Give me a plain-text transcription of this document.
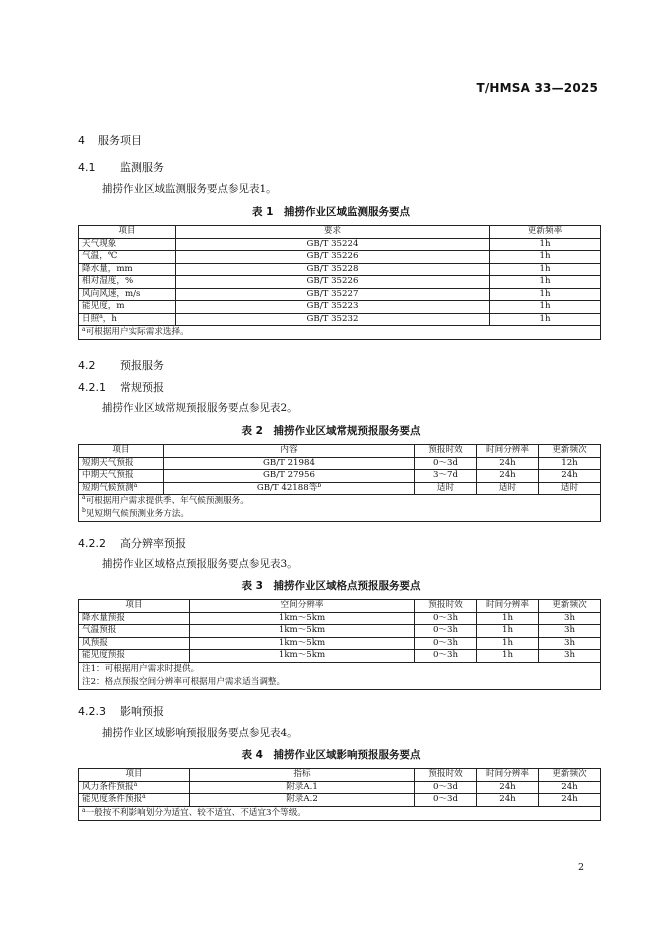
T/HMSA 33—2025
4 服务项目
4.1 监测服务
捕捞作业区域监测服务要点参见表1。
表 1　捕捞作业区域监测服务要点
项目	要求	更新频率
天气现象	GB/T 35224	1h
气温，℃	GB/T 35226	1h
降水量，mm	GB/T 35228	1h
相对湿度，%	GB/T 35226	1h
风向风速，m/s	GB/T 35227	1h
能见度，m	GB/T 35223	1h
日照$^a$，h	GB/T 35232	1h
$^a$可根据用户实际需求选择。		
4.2 预报服务
4.2.1 常规预报
捕捞作业区域常规预报服务要点参见表2。
表 2　捕捞作业区域常规预报服务要点
项目	内容	预报时效	时间分辨率	更新频次
短期天气预报	GB/T 21984	0～3d	24h	12h
中期天气预报	GB/T 27956	3～7d	24h	24h
短期气候预测$^a$	GB/T 42188等$^b$	适时	适时	适时

$^a$可根据用户需求提供季、年气候预测服务。
$^b$见短期气候预测业务方法。				
4.2.2 高分辨率预报
捕捞作业区域格点预报服务要点参见表3。
表 3　捕捞作业区域格点预报服务要点
项目	空间分辨率	预报时效	时间分辨率	更新频次
降水量预报	1km～5km	0～3h	1h	3h
气温预报	1km～5km	0～3h	1h	3h
风预报	1km～5km	0～3h	1h	3h
能见度预报	1km～5km	0～3h	1h	3h

注1：可根据用户需求时提供。
注2：格点预报空间分辨率可根据用户需求适当调整。				
4.2.3 影响预报
捕捞作业区域影响预报服务要点参见表4。
表 4　捕捞作业区域影响预报服务要点
项目	指标	预报时效	时间分辨率	更新频次
风力条件预报$^a$	附录A.1	0～3d	24h	24h
能见度条件预报$^a$	附录A.2	0～3d	24h	24h
$^a$一般按不利影响划分为适宜、较不适宜、不适宜3个等级。				
2
